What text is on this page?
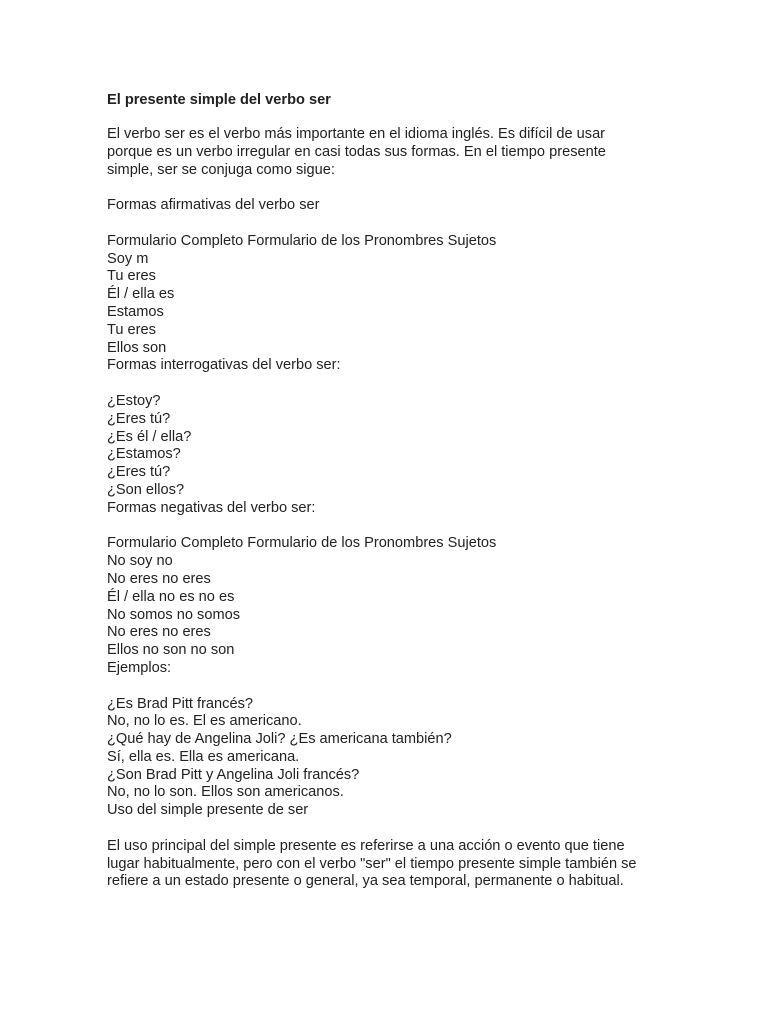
El presente simple del verbo ser
El verbo ser es el verbo más importante en el idioma inglés. Es difícil de usar
porque es un verbo irregular en casi todas sus formas. En el tiempo presente
simple, ser se conjuga como sigue:
Formas afirmativas del verbo ser
Formulario Completo Formulario de los Pronombres Sujetos
Soy m
Tu eres
Él / ella es
Estamos
Tu eres
Ellos son
Formas interrogativas del verbo ser:
¿Estoy?
¿Eres tú?
¿Es él / ella?
¿Estamos?
¿Eres tú?
¿Son ellos?
Formas negativas del verbo ser:
Formulario Completo Formulario de los Pronombres Sujetos
No soy no
No eres no eres
Él / ella no es no es
No somos no somos
No eres no eres
Ellos no son no son
Ejemplos:
¿Es Brad Pitt francés?
No, no lo es. El es americano.
¿Qué hay de Angelina Joli? ¿Es americana también?
Sí, ella es. Ella es americana.
¿Son Brad Pitt y Angelina Joli francés?
No, no lo son. Ellos son americanos.
Uso del simple presente de ser
El uso principal del simple presente es referirse a una acción o evento que tiene
lugar habitualmente, pero con el verbo "ser" el tiempo presente simple también se
refiere a un estado presente o general, ya sea temporal, permanente o habitual.
